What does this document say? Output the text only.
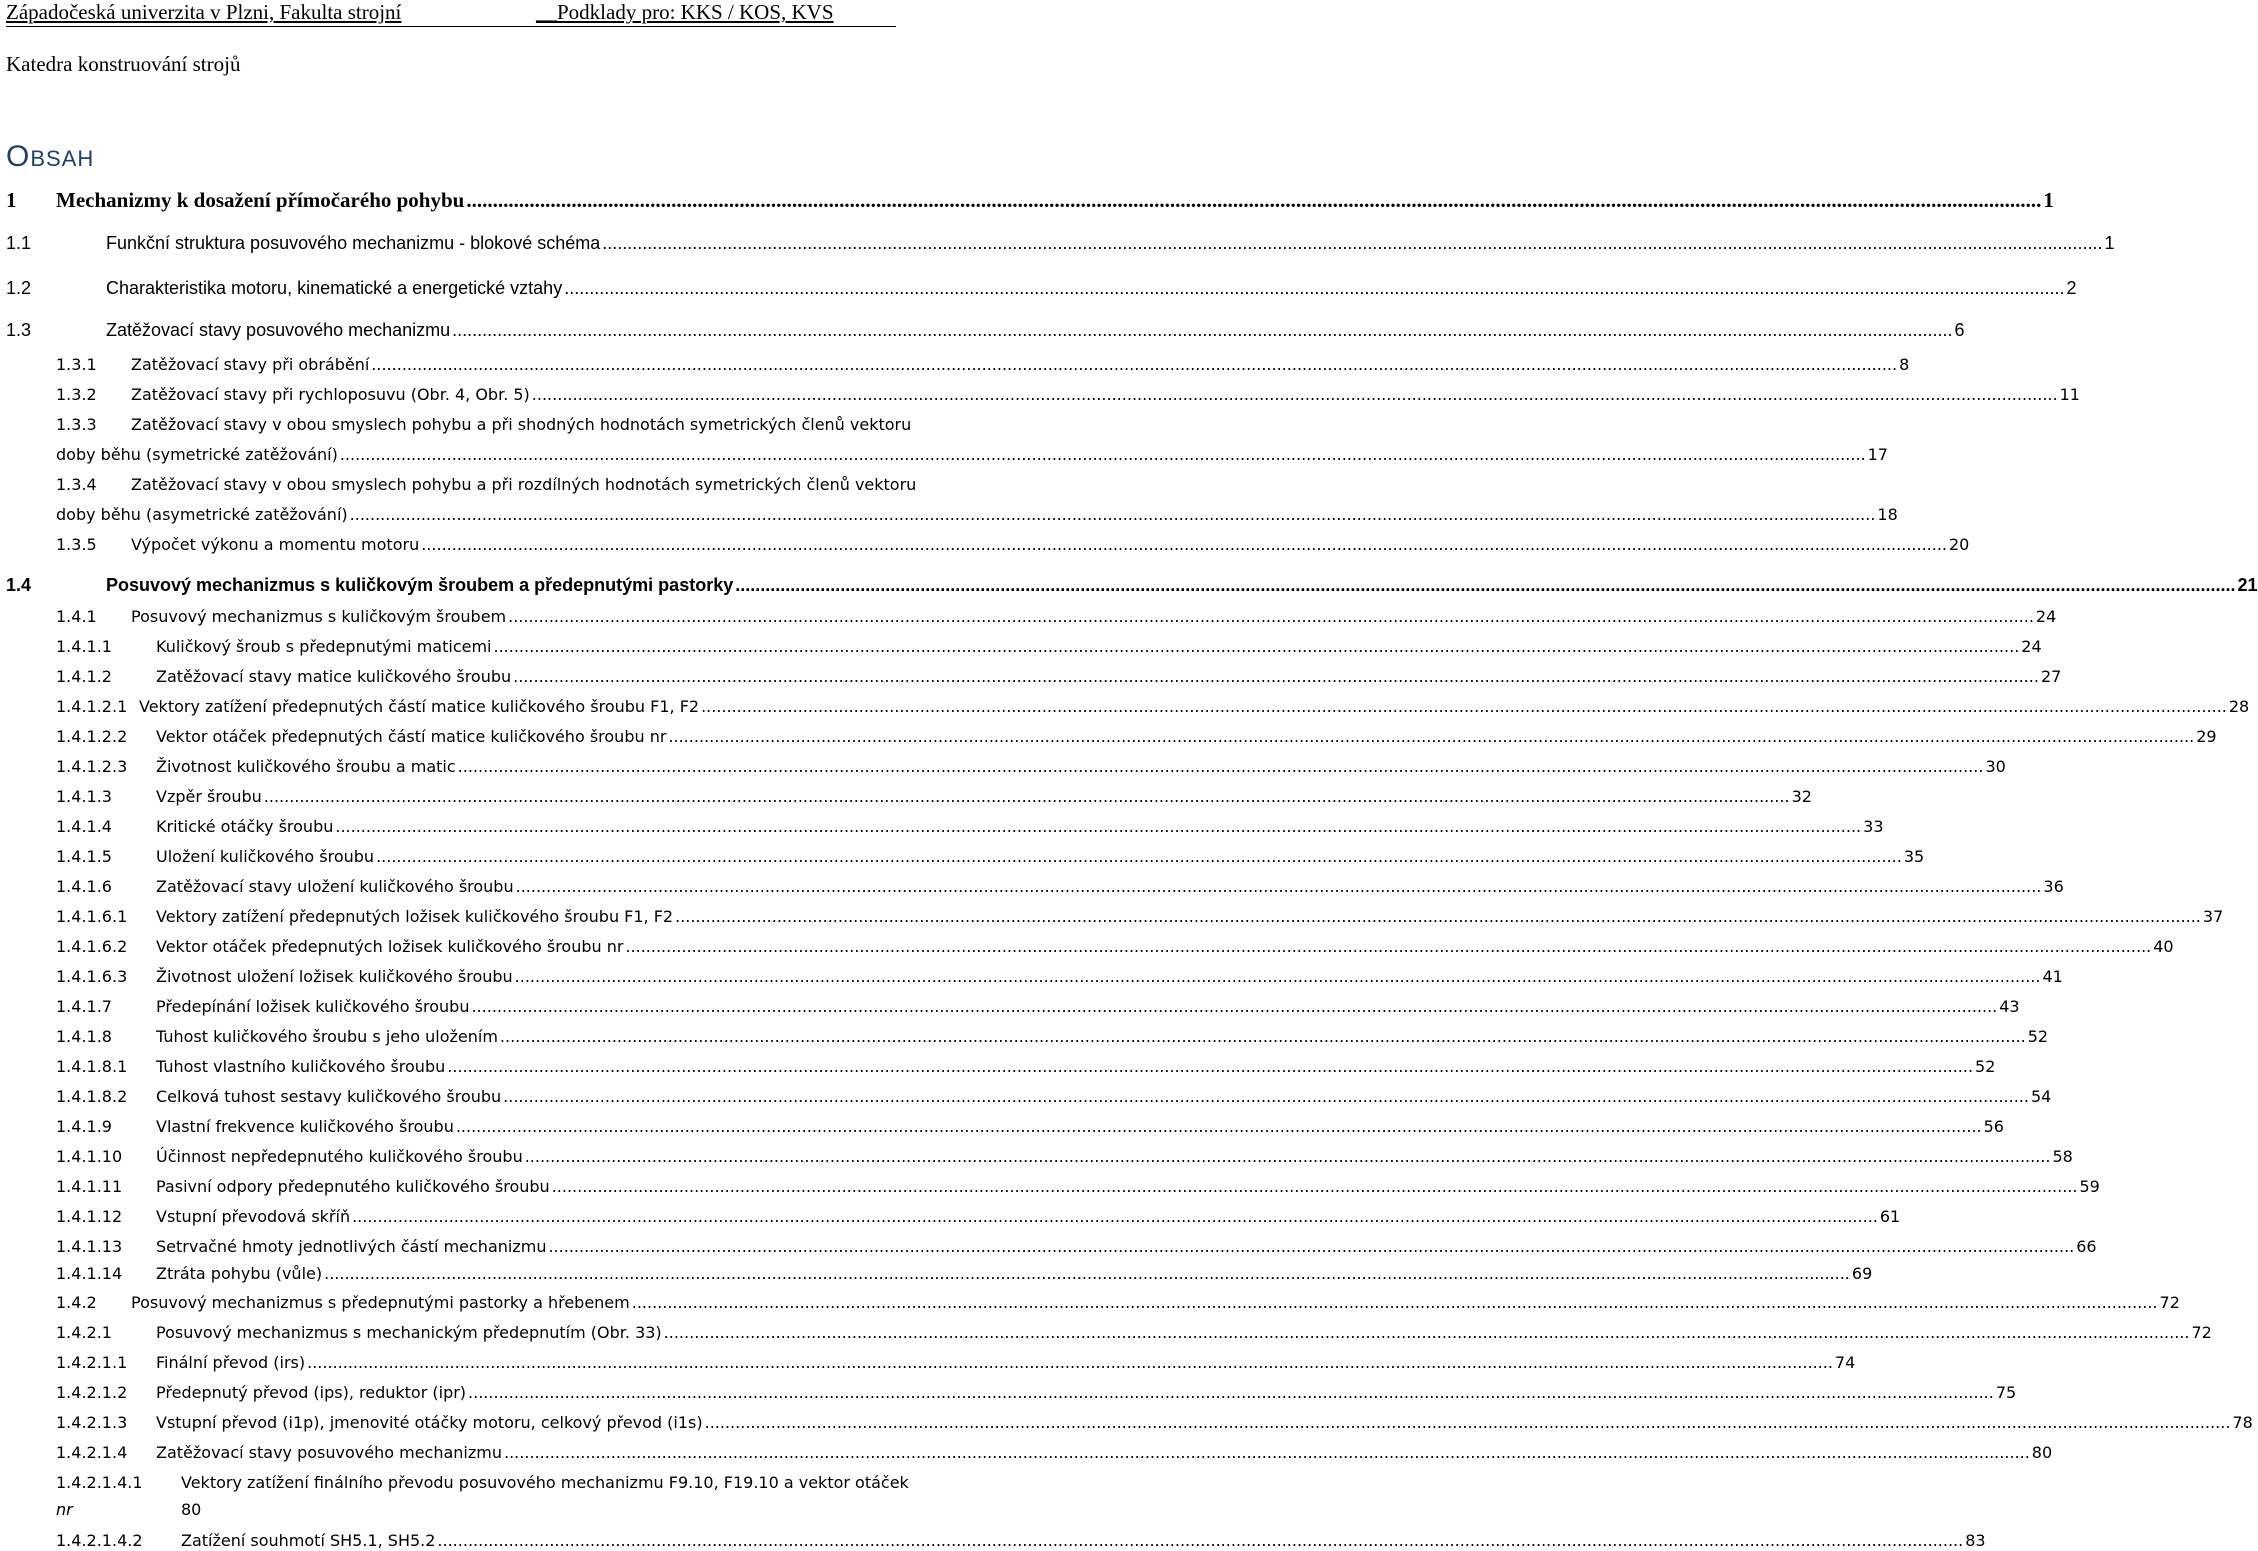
Západočeská univerzita v Plzni, Fakulta strojní	__Podklady pro: KKS / KOS, KVS
Katedra konstruování strojů
OBSAH
1 Mechanizmy k dosažení přímočarého pohybu ............................................................................................................................................................................................................................................................................................................ 1
1.1	Funkční struktura posuvového mechanizmu - blokové schéma ............................................................................................................................................................................................................................................................................................................ 1
1.2	Charakteristika motoru, kinematické a energetické vztahy ............................................................................................................................................................................................................................................................................................................ 2
1.3	Zatěžovací stavy posuvového mechanizmu ............................................................................................................................................................................................................................................................................................................ 6
1.3.1 Zatěžovací stavy při obrábění ............................................................................................................................................................................................................................................................................................................ 8
1.3.2 Zatěžovací stavy při rychloposuvu (Obr. 4, Obr. 5) ............................................................................................................................................................................................................................................................................................................ 11
1.3.3 Zatěžovací stavy v obou smyslech pohybu a při shodných hodnotách symetrických členů vektoru
doby běhu (symetrické zatěžování) ............................................................................................................................................................................................................................................................................................................ 17
1.3.4 Zatěžovací stavy v obou smyslech pohybu a při rozdílných hodnotách symetrických členů vektoru
doby běhu (asymetrické zatěžování) ............................................................................................................................................................................................................................................................................................................ 18
1.3.5 Výpočet výkonu a momentu motoru ............................................................................................................................................................................................................................................................................................................ 20
1.4	Posuvový mechanizmus s kuličkovým šroubem a předepnutými pastorky ............................................................................................................................................................................................................................................................................................................ 21
1.4.1 Posuvový mechanizmus s kuličkovým šroubem ............................................................................................................................................................................................................................................................................................................ 24
1.4.1.1	Kuličkový šroub s předepnutými maticemi ............................................................................................................................................................................................................................................................................................................ 24
1.4.1.2	Zatěžovací stavy matice kuličkového šroubu ............................................................................................................................................................................................................................................................................................................ 27
1.4.1.2.1 Vektory zatížení předepnutých částí matice kuličkového šroubu F1, F2 ............................................................................................................................................................................................................................................................................................................ 28
1.4.1.2.2 Vektor otáček předepnutých částí matice kuličkového šroubu nr ............................................................................................................................................................................................................................................................................................................ 29
1.4.1.2.3 Životnost kuličkového šroubu a matic ............................................................................................................................................................................................................................................................................................................ 30
1.4.1.3	Vzpěr šroubu ............................................................................................................................................................................................................................................................................................................ 32
1.4.1.4	Kritické otáčky šroubu ............................................................................................................................................................................................................................................................................................................ 33
1.4.1.5	Uložení kuličkového šroubu ............................................................................................................................................................................................................................................................................................................ 35
1.4.1.6	Zatěžovací stavy uložení kuličkového šroubu ............................................................................................................................................................................................................................................................................................................ 36
1.4.1.6.1 Vektory zatížení předepnutých ložisek kuličkového šroubu F1, F2 ............................................................................................................................................................................................................................................................................................................ 37
1.4.1.6.2 Vektor otáček předepnutých ložisek kuličkového šroubu nr ............................................................................................................................................................................................................................................................................................................ 40
1.4.1.6.3 Životnost uložení ložisek kuličkového šroubu ............................................................................................................................................................................................................................................................................................................ 41
1.4.1.7	Předepínání ložisek kuličkového šroubu ............................................................................................................................................................................................................................................................................................................ 43
1.4.1.8	Tuhost kuličkového šroubu s jeho uložením ............................................................................................................................................................................................................................................................................................................ 52
1.4.1.8.1 Tuhost vlastního kuličkového šroubu ............................................................................................................................................................................................................................................................................................................ 52
1.4.1.8.2 Celková tuhost sestavy kuličkového šroubu ............................................................................................................................................................................................................................................................................................................ 54
1.4.1.9	Vlastní frekvence kuličkového šroubu ............................................................................................................................................................................................................................................................................................................ 56
1.4.1.10 Účinnost nepředepnutého kuličkového šroubu ............................................................................................................................................................................................................................................................................................................ 58
1.4.1.11 Pasivní odpory předepnutého kuličkového šroubu ............................................................................................................................................................................................................................................................................................................ 59
1.4.1.12 Vstupní převodová skříň ............................................................................................................................................................................................................................................................................................................ 61
1.4.1.13 Setrvačné hmoty jednotlivých částí mechanizmu ............................................................................................................................................................................................................................................................................................................ 66
1.4.1.14 Ztráta pohybu (vůle) ............................................................................................................................................................................................................................................................................................................ 69
1.4.2 Posuvový mechanizmus s předepnutými pastorky a hřebenem ............................................................................................................................................................................................................................................................................................................ 72
1.4.2.1	Posuvový mechanizmus s mechanickým předepnutím (Obr. 33) ............................................................................................................................................................................................................................................................................................................ 72
1.4.2.1.1 Finální převod (irs) ............................................................................................................................................................................................................................................................................................................ 74
1.4.2.1.2 Předepnutý převod (ips), reduktor (ipr) ............................................................................................................................................................................................................................................................................................................ 75
1.4.2.1.3 Vstupní převod (i1p), jmenovité otáčky motoru, celkový převod (i1s) ............................................................................................................................................................................................................................................................................................................ 78
1.4.2.1.4 Zatěžovací stavy posuvového mechanizmu ............................................................................................................................................................................................................................................................................................................ 80
1.4.2.1.4.1 Vektory zatížení finálního převodu posuvového mechanizmu F9.10, F19.10 a vektor otáček
nr	80
1.4.2.1.4.2 Zatížení souhmotí SH5.1, SH5.2 ............................................................................................................................................................................................................................................................................................................ 83
